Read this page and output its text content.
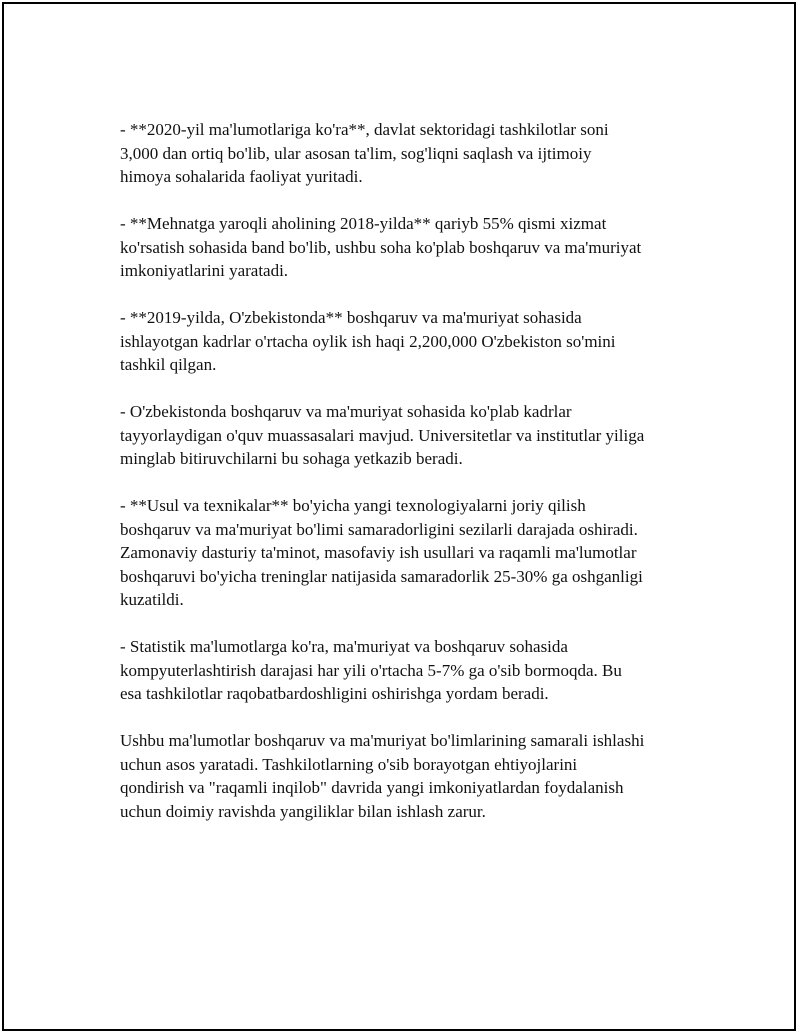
- **2020-yil ma'lumotlariga ko'ra**, davlat sektoridagi tashkilotlar soni
3,000 dan ortiq bo'lib, ular asosan ta'lim, sog'liqni saqlash va ijtimoiy
himoya sohalarida faoliyat yuritadi.

- **Mehnatga yaroqli aholining 2018-yilda** qariyb 55% qismi xizmat
ko'rsatish sohasida band bo'lib, ushbu soha ko'plab boshqaruv va ma'muriyat
imkoniyatlarini yaratadi.

- **2019-yilda, O'zbekistonda** boshqaruv va ma'muriyat sohasida
ishlayotgan kadrlar o'rtacha oylik ish haqi 2,200,000 O'zbekiston so'mini
tashkil qilgan.

- O'zbekistonda boshqaruv va ma'muriyat sohasida ko'plab kadrlar
tayyorlaydigan o'quv muassasalari mavjud. Universitetlar va institutlar yiliga
minglab bitiruvchilarni bu sohaga yetkazib beradi.

- **Usul va texnikalar** bo'yicha yangi texnologiyalarni joriy qilish
boshqaruv va ma'muriyat bo'limi samaradorligini sezilarli darajada oshiradi.
Zamonaviy dasturiy ta'minot, masofaviy ish usullari va raqamli ma'lumotlar
boshqaruvi bo'yicha treninglar natijasida samaradorlik 25-30% ga oshganligi
kuzatildi.

- Statistik ma'lumotlarga ko'ra, ma'muriyat va boshqaruv sohasida
kompyuterlashtirish darajasi har yili o'rtacha 5-7% ga o'sib bormoqda. Bu
esa tashkilotlar raqobatbardoshligini oshirishga yordam beradi.

Ushbu ma'lumotlar boshqaruv va ma'muriyat bo'limlarining samarali ishlashi
uchun asos yaratadi. Tashkilotlarning o'sib borayotgan ehtiyojlarini
qondirish va "raqamli inqilob" davrida yangi imkoniyatlardan foydalanish
uchun doimiy ravishda yangiliklar bilan ishlash zarur.
